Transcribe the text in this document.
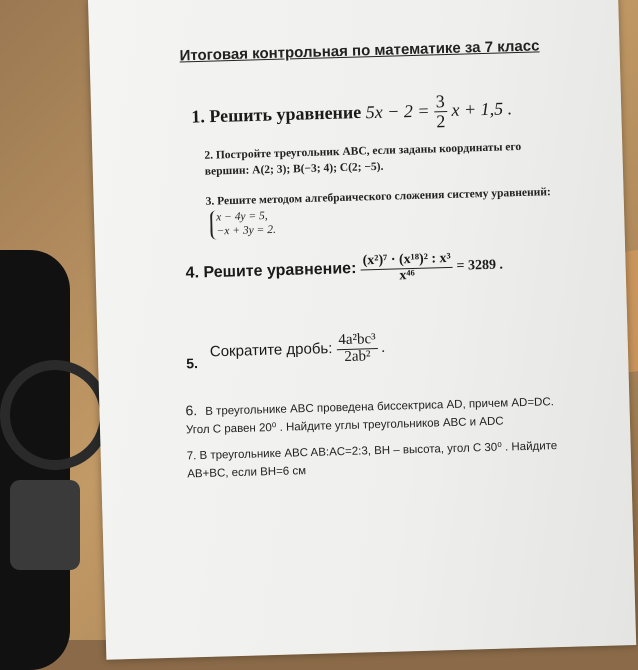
Итоговая контрольная по математике за 7 класс
1. Решить уравнение $5x - 2 = \frac{3}{2}$ x + 1,5 .
2. Постройте треугольник ABC, если заданы координаты его вершин: A(2; 3); B(−3; 4); C(2; −5).
3. Решите методом алгебраического сложения систему уравнений:
x − 4y = 5,
−x + 3y = 2.
4. Решите уравнение: $\frac{\text{(x²)⁷ · (x¹⁸)² : x³}}{\text{x⁴⁶}} = 3289$ .
Сократите дробь: $\frac{\text{4a²bc³}}{\text{2ab²}}$ .
5.
6. В треугольнике ABC проведена биссектриса AD, причем AD=DC.
Угол С равен 20⁰ . Найдите углы треугольников ABC и ADC
7. В треугольнике ABC AB:AC=2:3, BH – высота, угол С 30⁰ . Найдите
AB+BC, если BH=6 см
